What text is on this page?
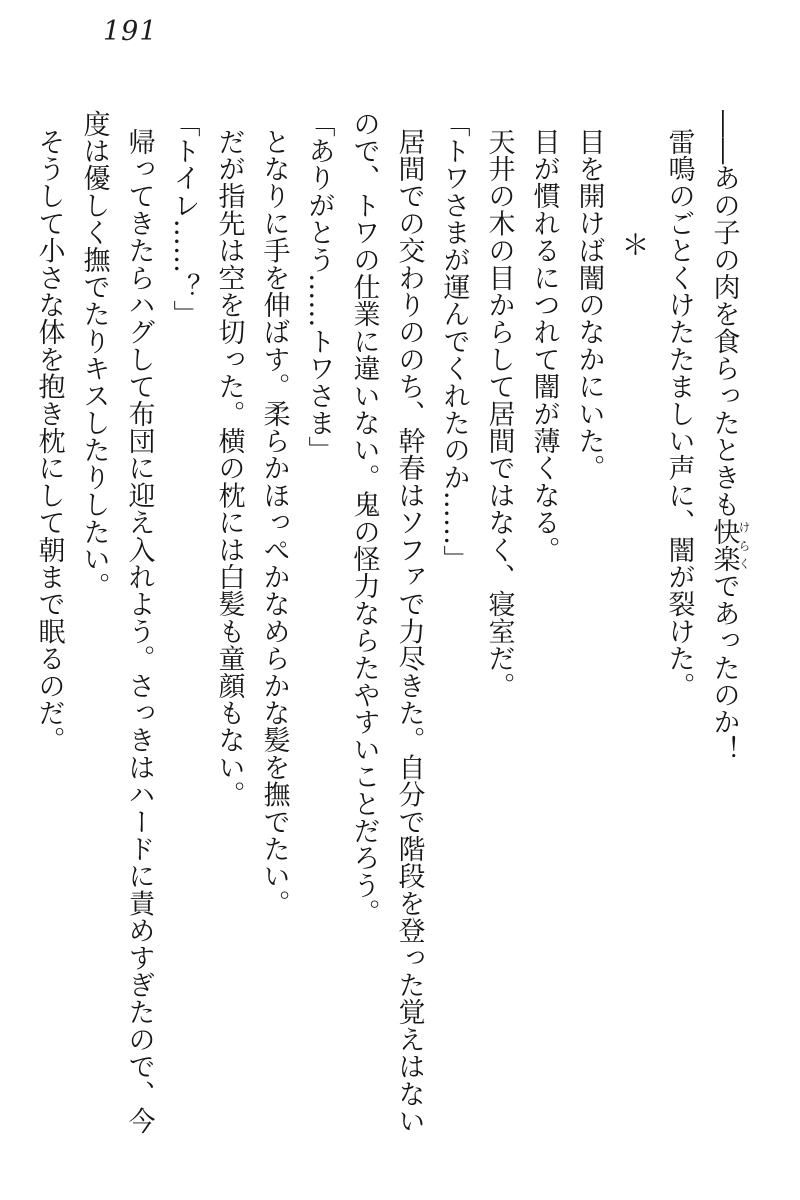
191
――あの子の肉を食らったときも快楽けらくであったのか！
雷鳴のごとくけたたましい声に、闇が裂けた。
＊
目を開けば闇のなかにいた。
目が慣れるにつれて闇が薄くなる。
天井の木の目からして居間ではなく、寝室だ。
「トワさまが運んでくれたのか……」
居間での交わりののち、幹春はソファで力尽きた。自分で階段を登った覚えはない
ので、トワの仕業に違いない。鬼の怪力ならたやすいことだろう。
「ありがとう……トワさま」
となりに手を伸ばす。柔らかほっぺかなめらかな髪を撫でたい。
だが指先は空を切った。横の枕には白髪も童顔もない。
「トイレ……？」
帰ってきたらハグして布団に迎え入れよう。さっきはハードに責めすぎたので、今
度は優しく撫でたりキスしたりしたい。
そうして小さな体を抱き枕にして朝まで眠るのだ。
